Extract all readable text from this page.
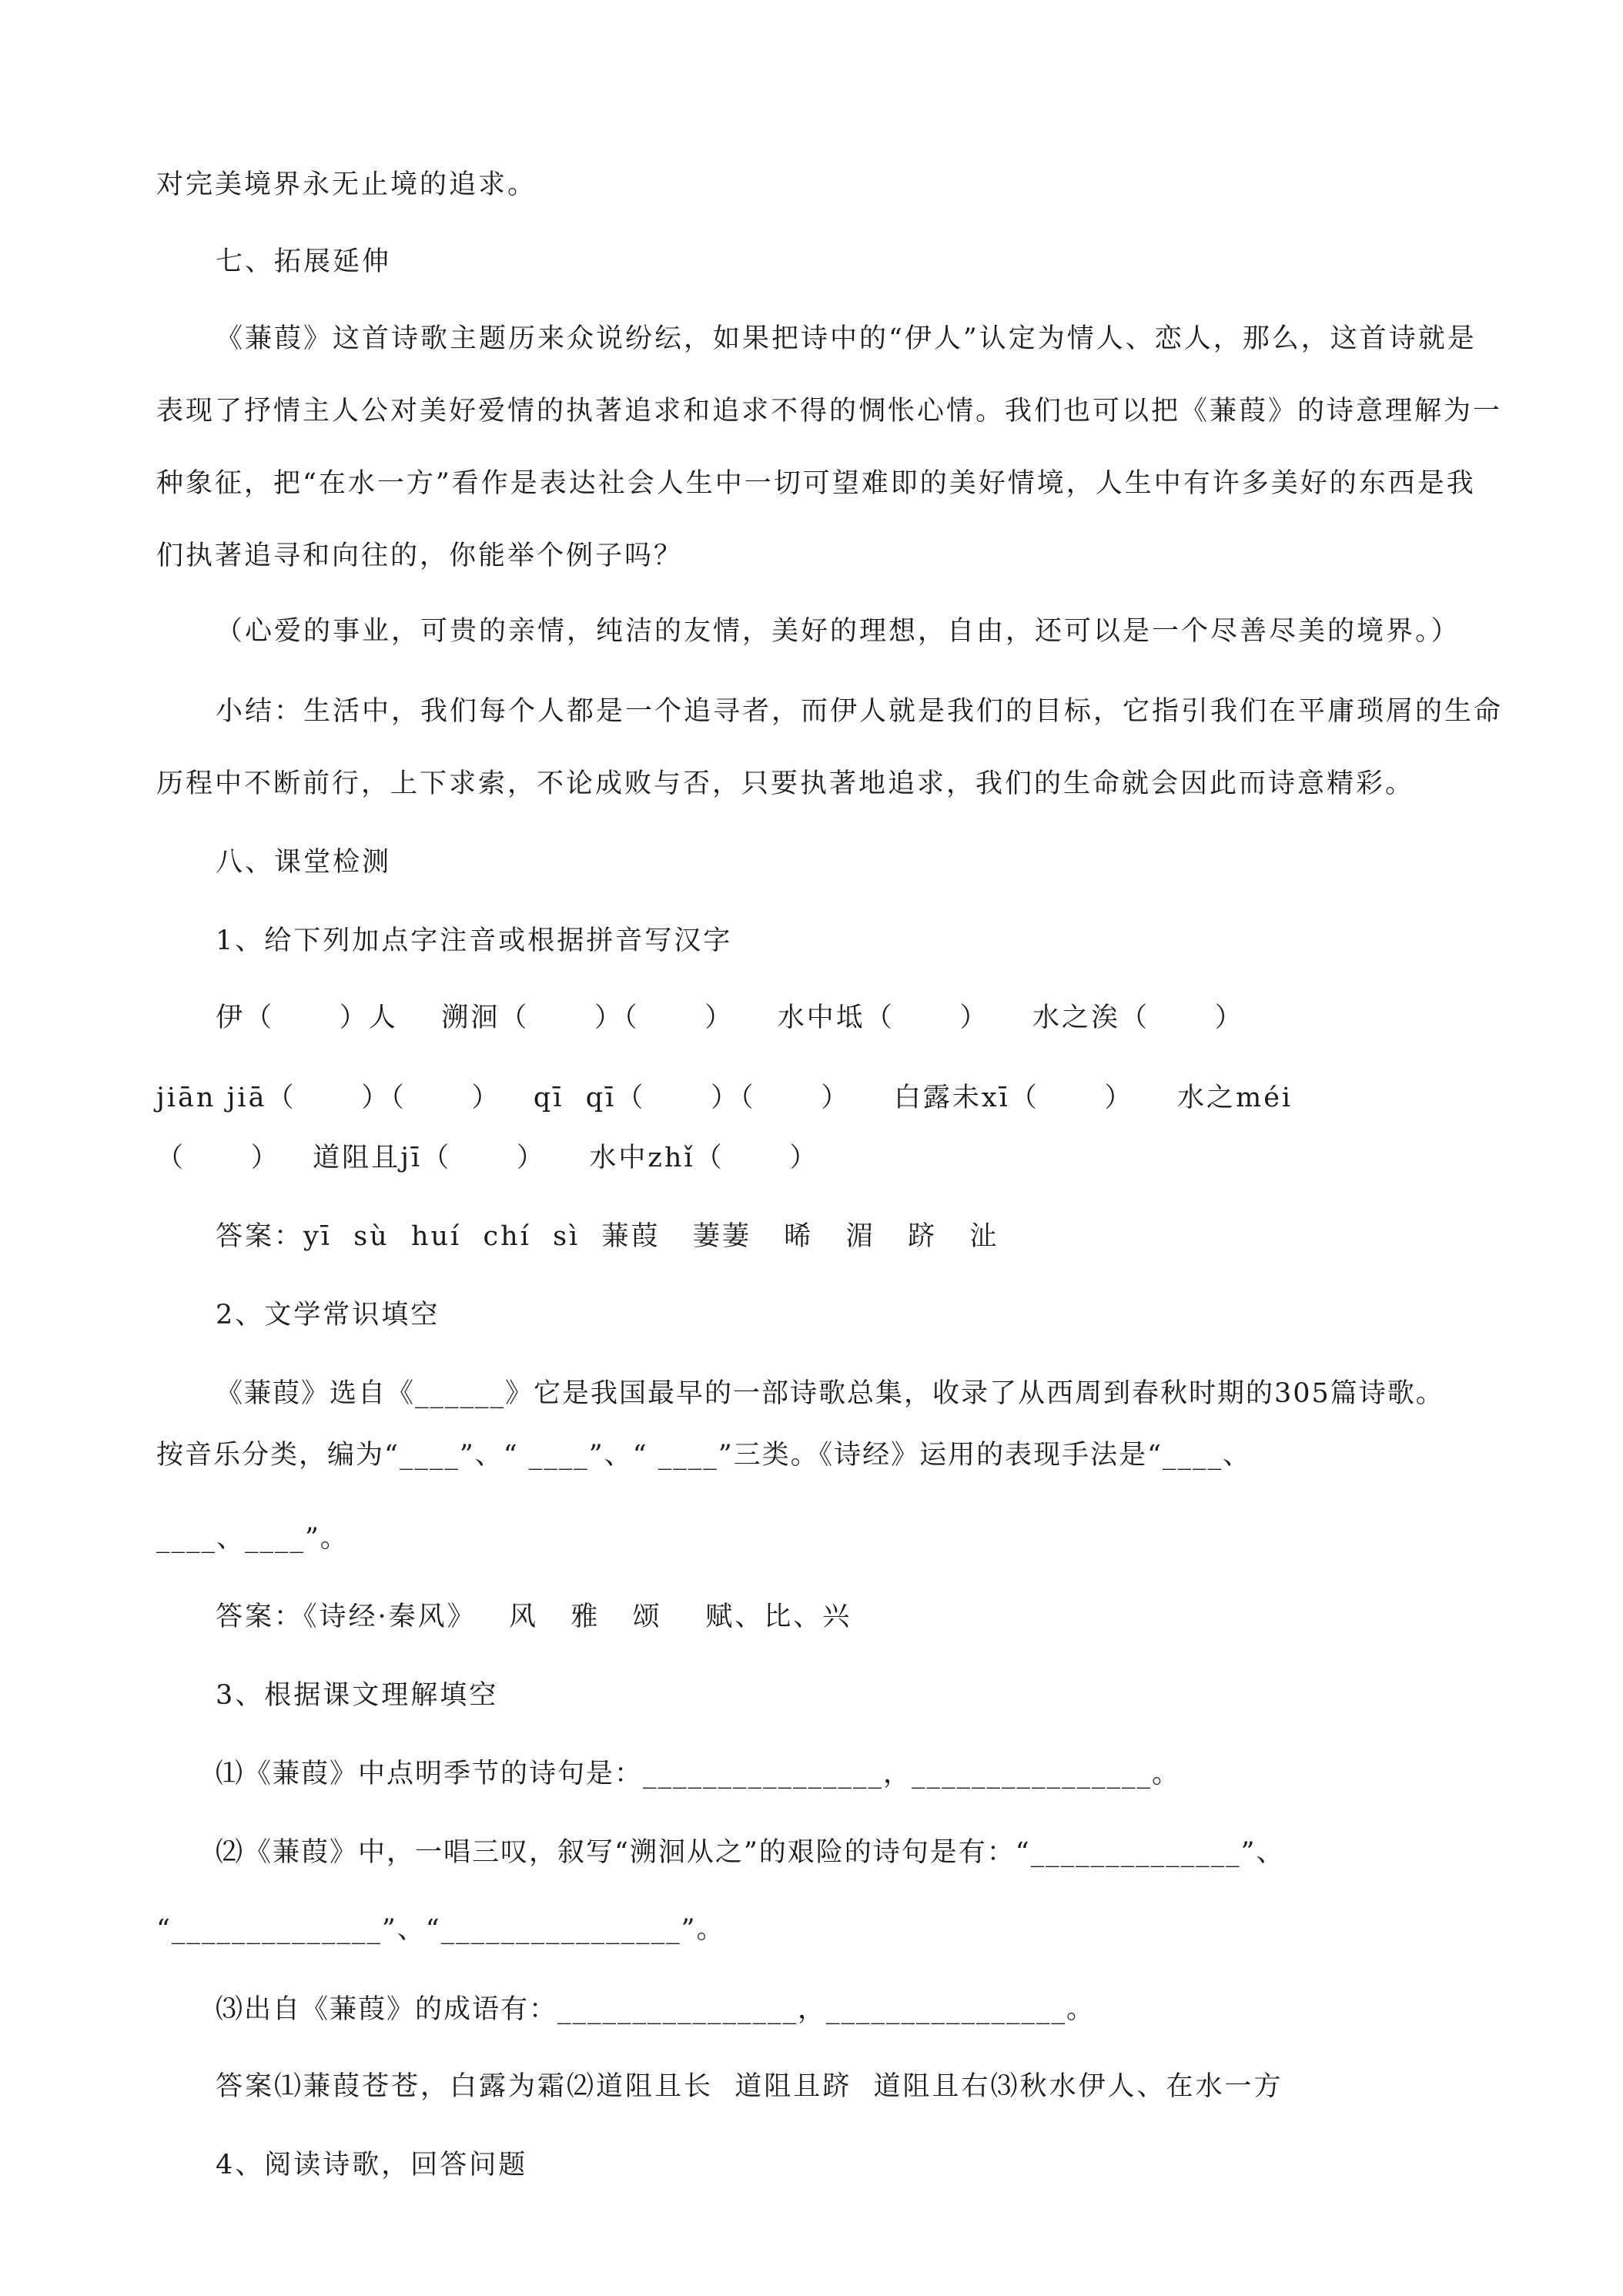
对完美境界永无止境的追求。
七、拓展延伸
《蒹葭》这首诗歌主题历来众说纷纭，如果把诗中的“伊人”认定为情人、恋人，那么，这首诗就是
表现了抒情主人公对美好爱情的执著追求和追求不得的惆怅心情。我们也可以把《蒹葭》的诗意理解为一
种象征，把“在水一方”看作是表达社会人生中一切可望难即的美好情境，人生中有许多美好的东西是我
们执著追寻和向往的，你能举个例子吗？
（心爱的事业，可贵的亲情，纯洁的友情，美好的理想，自由，还可以是一个尽善尽美的境界。）
小结：生活中，我们每个人都是一个追寻者，而伊人就是我们的目标，它指引我们在平庸琐屑的生命
历程中不断前行，上下求索，不论成败与否，只要执著地追求，我们的生命就会因此而诗意精彩。
八、课堂检测
1、给下列加点字注音或根据拼音写汉字
伊（      ）人    溯洄（      ）（      ）    水中坻（      ）    水之涘（      ）
jiān jiā（      ）（      ）   qī  qī（      ）（      ）    白露未xī（      ）    水之méi
（      ）   道阻且jī（      ）    水中zhǐ（      ）
答案：yī  sù  huí  chí  sì  蒹葭   萋萋   晞   湄   跻   沚
2、文学常识填空
《蒹葭》选自《______》它是我国最早的一部诗歌总集，收录了从西周到春秋时期的305篇诗歌。
按音乐分类，编为“____”、“ ____”、“ ____”三类。《诗经》运用的表现手法是“____、
____、____”。
答案：《诗经·秦风》   风   雅   颂    赋、比、兴
3、根据课文理解填空
⑴《蒹葭》中点明季节的诗句是：________________，________________。
⑵《蒹葭》中，一唱三叹，叙写“溯洄从之”的艰险的诗句是有：“______________”、
“______________”、“________________”。
⑶出自《蒹葭》的成语有：________________，________________。
答案⑴蒹葭苍苍，白露为霜⑵道阻且长  道阻且跻  道阻且右⑶秋水伊人、在水一方
4、阅读诗歌，回答问题
